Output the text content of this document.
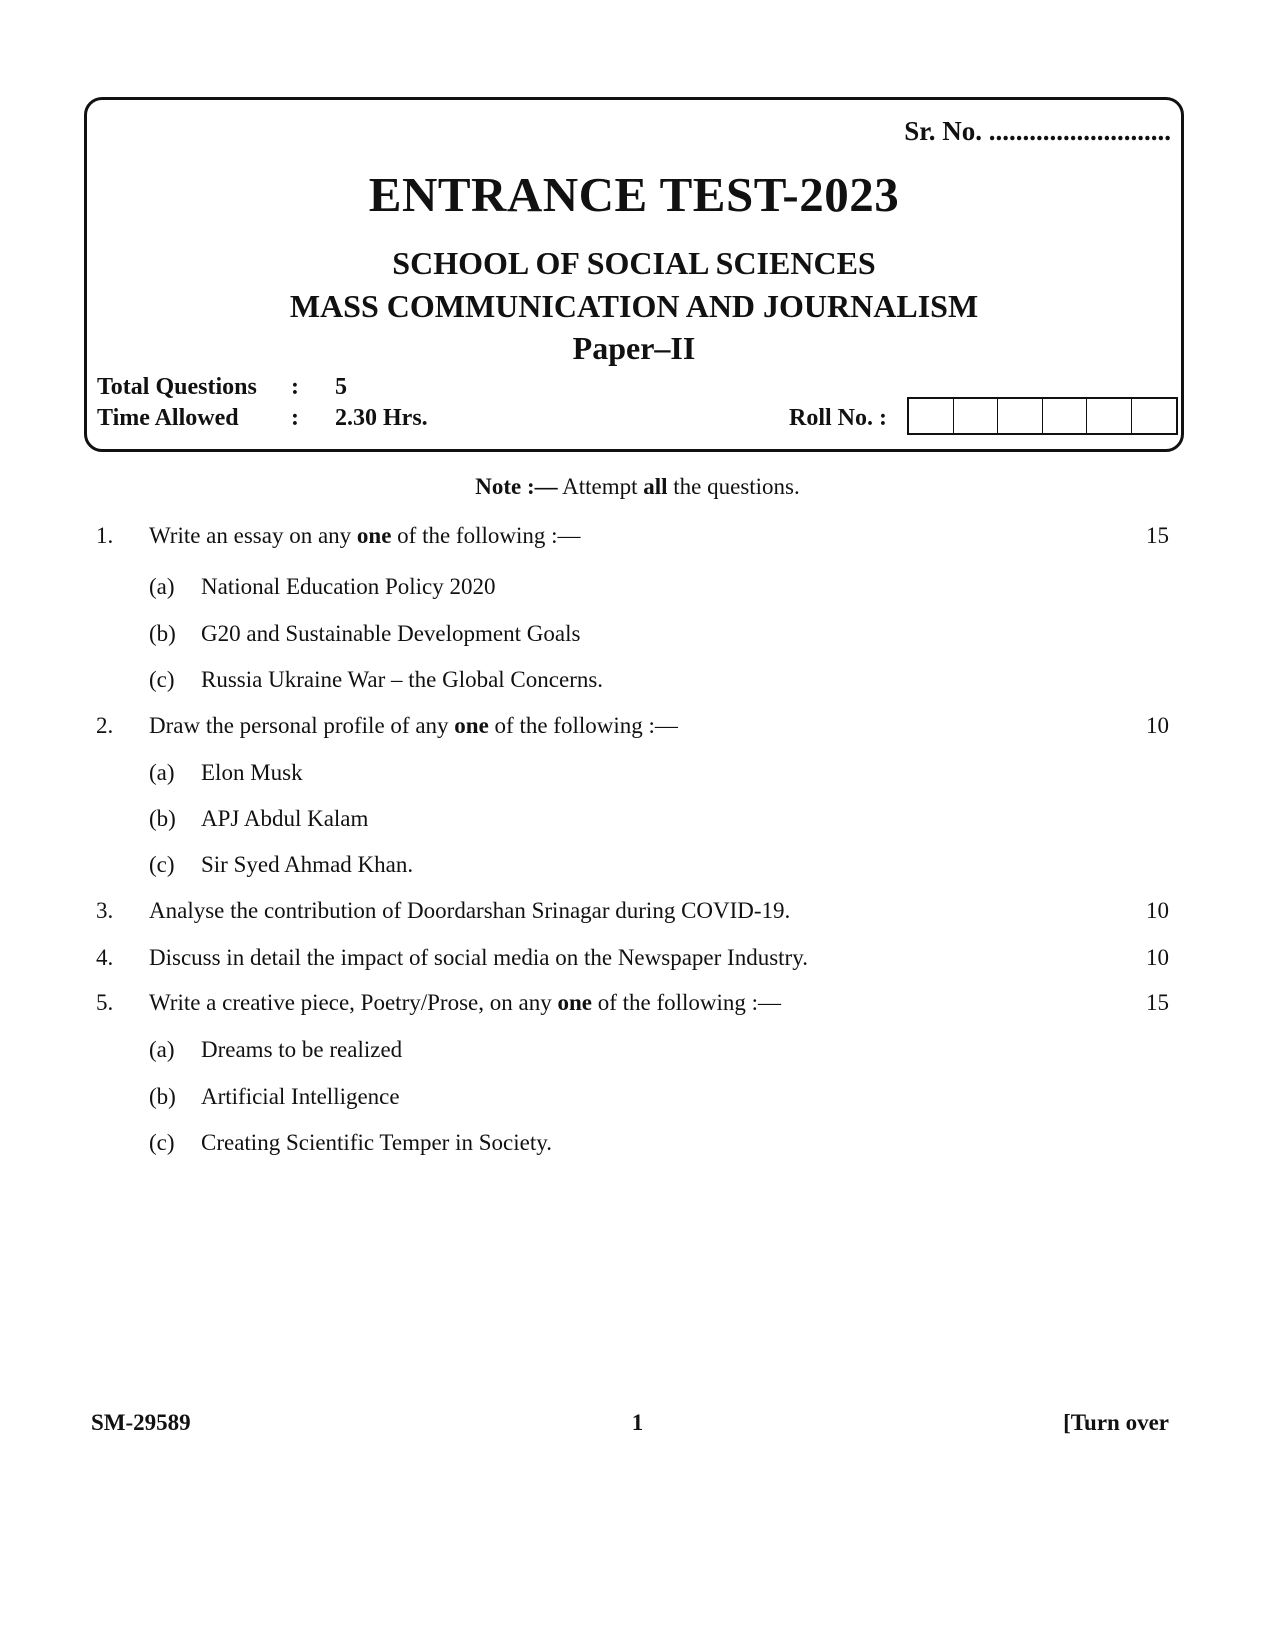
Sr. No. ...........................
ENTRANCE TEST-2023
SCHOOL OF SOCIAL SCIENCES
MASS COMMUNICATION AND JOURNALISM
Paper–II
Total Questions : 5
Time Allowed : 2.30 Hrs.	Roll No. :
Note :— Attempt all the questions.
1. Write an essay on any one of the following :—	15
(a) National Education Policy 2020
(b) G20 and Sustainable Development Goals
(c) Russia Ukraine War – the Global Concerns.
2. Draw the personal profile of any one of the following :—	10
(a) Elon Musk
(b) APJ Abdul Kalam
(c) Sir Syed Ahmad Khan.
3. Analyse the contribution of Doordarshan Srinagar during COVID-19.	10
4. Discuss in detail the impact of social media on the Newspaper Industry.	10
5. Write a creative piece, Poetry/Prose, on any one of the following :—	15
(a) Dreams to be realized
(b) Artificial Intelligence
(c) Creating Scientific Temper in Society.
SM-29589	1	[Turn over
